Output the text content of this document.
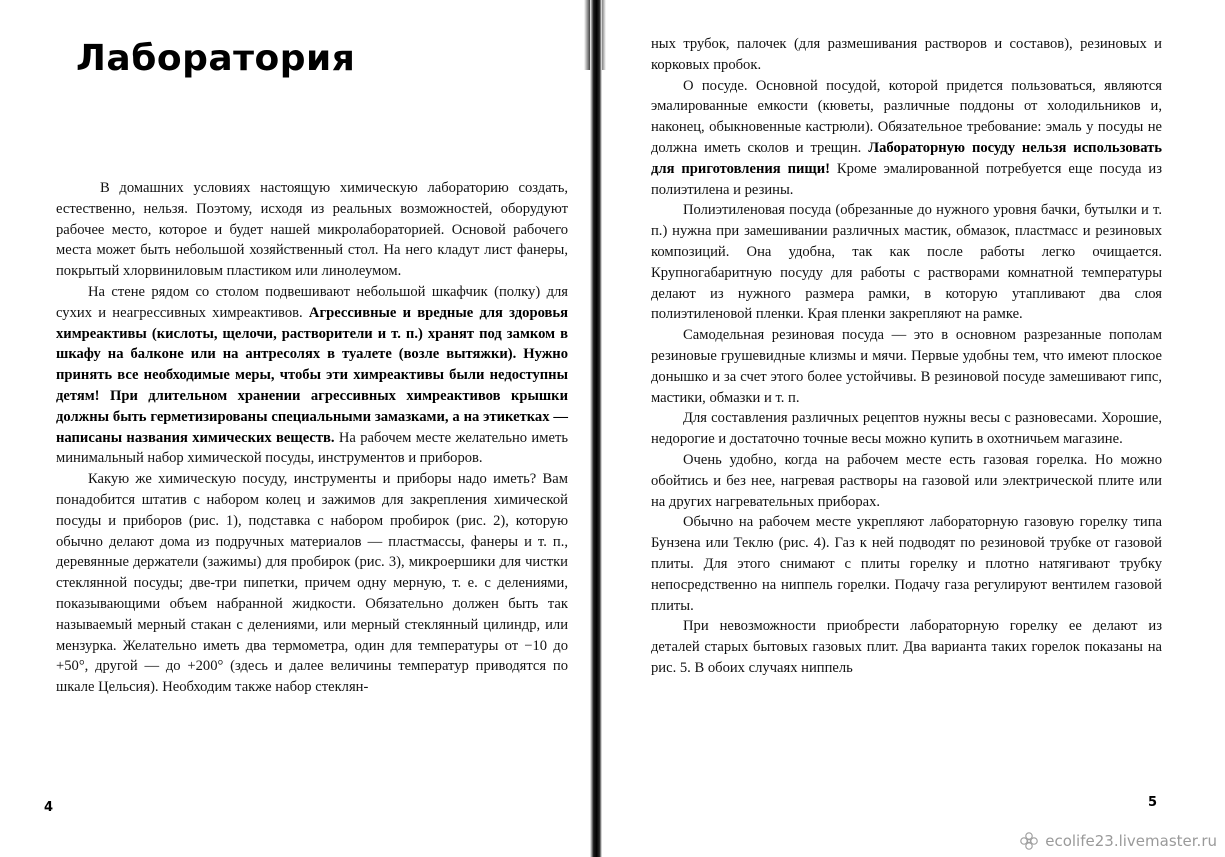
Лаборатория

В домашних условиях настоящую химическую лабораторию создать, естественно, нельзя. Поэтому, исходя из реальных возможностей, оборудуют рабочее место, которое и будет нашей микролабораторией. Основой рабочего места может быть небольшой хозяйственный стол. На него кладут лист фанеры, покрытый хлорвиниловым пластиком или линолеумом.

На стене рядом со столом подвешивают небольшой шкафчик (полку) для сухих и неагрессивных химреактивов. Агрессивные и вредные для здоровья химреактивы (кислоты, щелочи, растворители и т. п.) хранят под замком в шкафу на балконе или на антресолях в туалете (возле вытяжки). Нужно принять все необходимые меры, чтобы эти химреактивы были недоступны детям! При длительном хранении агрессивных химреактивов крышки должны быть герметизированы специальными замазками, а на этикетках — написаны названия химических веществ. На рабочем месте желательно иметь минимальный набор химической посуды, инструментов и приборов.

Какую же химическую посуду, инструменты и приборы надо иметь? Вам понадобится штатив с набором колец и зажимов для закрепления химической посуды и приборов (рис. 1), подставка с набором пробирок (рис. 2), которую обычно делают дома из подручных материалов — пластмассы, фанеры и т. п., деревянные держатели (зажимы) для пробирок (рис. 3), микроершики для чистки стеклянной посуды; две-три пипетки, причем одну мерную, т. е. с делениями, показывающими объем набранной жидкости. Обязательно должен быть так называемый мерный стакан с делениями, или мерный стеклянный цилиндр, или мензурка. Желательно иметь два термометра, один для температуры от −10 до +50°, другой — до +200° (здесь и далее величины температур приводятся по шкале Цельсия). Необходим также набор стеклян-

4

ных трубок, палочек (для размешивания растворов и составов), резиновых и корковых пробок.

О посуде. Основной посудой, которой придется пользоваться, являются эмалированные емкости (кюветы, различные поддоны от холодильников и, наконец, обыкновенные кастрюли). Обязательное требование: эмаль у посуды не должна иметь сколов и трещин. Лабораторную посуду нельзя использовать для приготовления пищи! Кроме эмалированной потребуется еще посуда из полиэтилена и резины.

Полиэтиленовая посуда (обрезанные до нужного уровня бачки, бутылки и т. п.) нужна при замешивании различных мастик, обмазок, пластмасс и резиновых композиций. Она удобна, так как после работы легко очищается. Крупногабаритную посуду для работы с растворами комнатной температуры делают из нужного размера рамки, в которую утапливают два слоя полиэтиленовой пленки. Края пленки закрепляют на рамке.

Самодельная резиновая посуда — это в основном разрезанные пополам резиновые грушевидные клизмы и мячи. Первые удобны тем, что имеют плоское донышко и за счет этого более устойчивы. В резиновой посуде замешивают гипс, мастики, обмазки и т. п.

Для составления различных рецептов нужны весы с разновесами. Хорошие, недорогие и достаточно точные весы можно купить в охотничьем магазине.

Очень удобно, когда на рабочем месте есть газовая горелка. Но можно обойтись и без нее, нагревая растворы на газовой или электрической плите или на других нагревательных приборах.

Обычно на рабочем месте укрепляют лабораторную газовую горелку типа Бунзена или Теклю (рис. 4). Газ к ней подводят по резиновой трубке от газовой плиты. Для этого снимают с плиты горелку и плотно натягивают трубку непосредственно на ниппель горелки. Подачу газа регулируют вентилем газовой плиты.

При невозможности приобрести лабораторную горелку ее делают из деталей старых бытовых газовых плит. Два варианта таких горелок показаны на рис. 5. В обоих случаях ниппель

5
ecolife23.livemaster.ru
